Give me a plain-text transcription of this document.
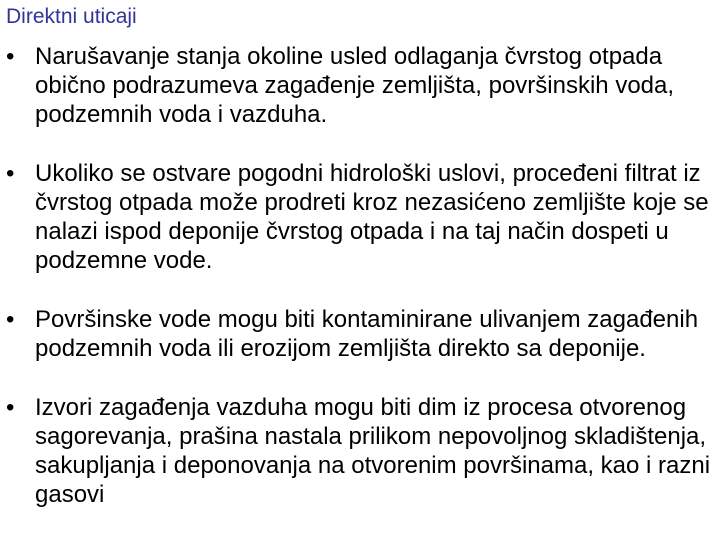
Direktni uticaji
• Narušavanje stanja okoline usled odlaganja čvrstog otpada obično podrazumeva zagađenje zemljišta, površinskih voda, podzemnih voda i vazduha.
• Ukoliko se ostvare pogodni hidrološki uslovi, procеđeni filtrat iz čvrstog otpada može prodreti kroz nezasićeno zemljište koje se nalazi ispod deponije čvrstog otpada i na taj način dospeti u podzemne vode.
• Površinske vode mogu biti kontaminirane ulivanjem zagađenih podzemnih voda ili erozijom zemljišta direkto sa deponije.
• Izvori zagađenja vazduha mogu biti dim iz procesa otvorenog sagorevanja, prašina nastala prilikom nepovoljnog skladištenja, sakupljanja i deponovanja na otvorenim površinama, kao i razni gasovi
